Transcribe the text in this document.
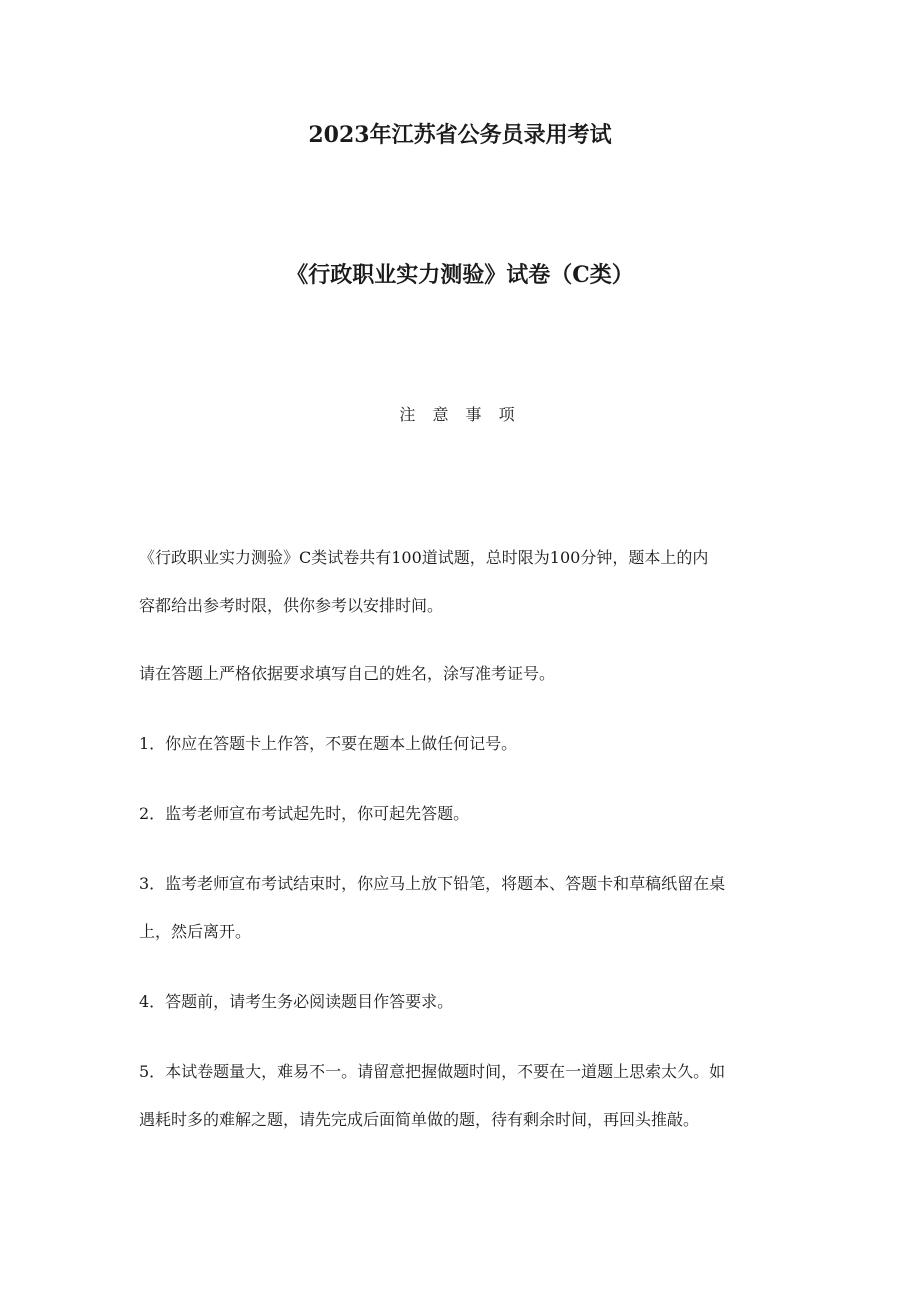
2023年江苏省公务员录用考试
《行政职业实力测验》试卷（C类）
注 意 事 项
《行政职业实力测验》C类试卷共有100道试题，总时限为100分钟，题本上的内
容都给出参考时限，供你参考以安排时间。
请在答题上严格依据要求填写自己的姓名，涂写准考证号。
1．你应在答题卡上作答，不要在题本上做任何记号。
2．监考老师宣布考试起先时，你可起先答题。
3．监考老师宣布考试结束时，你应马上放下铅笔，将题本、答题卡和草稿纸留在桌
上，然后离开。
4．答题前，请考生务必阅读题目作答要求。
5．本试卷题量大，难易不一。请留意把握做题时间，不要在一道题上思索太久。如
遇耗时多的难解之题，请先完成后面简单做的题，待有剩余时间，再回头推敲。
